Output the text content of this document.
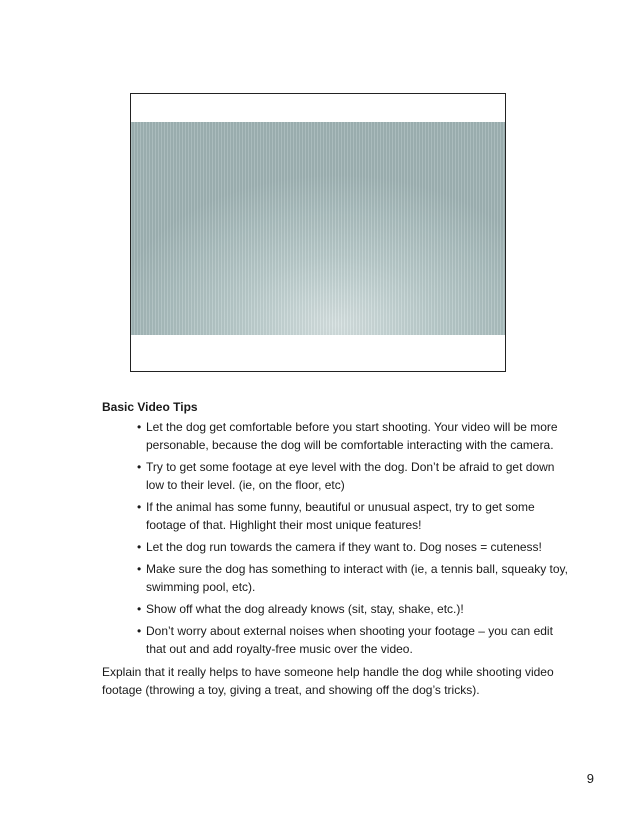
Basic Video Tips

• Let the dog get comfortable before you start shooting. Your video will be more personable, because the dog will be comfortable interacting with the camera.
• Try to get some footage at eye level with the dog. Don’t be afraid to get down low to their level. (ie, on the floor, etc)
• If the animal has some funny, beautiful or unusual aspect, try to get some footage of that. Highlight their most unique features!
• Let the dog run towards the camera if they want to. Dog noses = cuteness!
• Make sure the dog has something to interact with (ie, a tennis ball, squeaky toy, swimming pool, etc).
• Show off what the dog already knows (sit, stay, shake, etc.)!
• Don’t worry about external noises when shooting your footage – you can edit that out and add royalty-free music over the video.

Explain that it really helps to have someone help handle the dog while shooting video footage (throwing a toy, giving a treat, and showing off the dog’s tricks).

9
